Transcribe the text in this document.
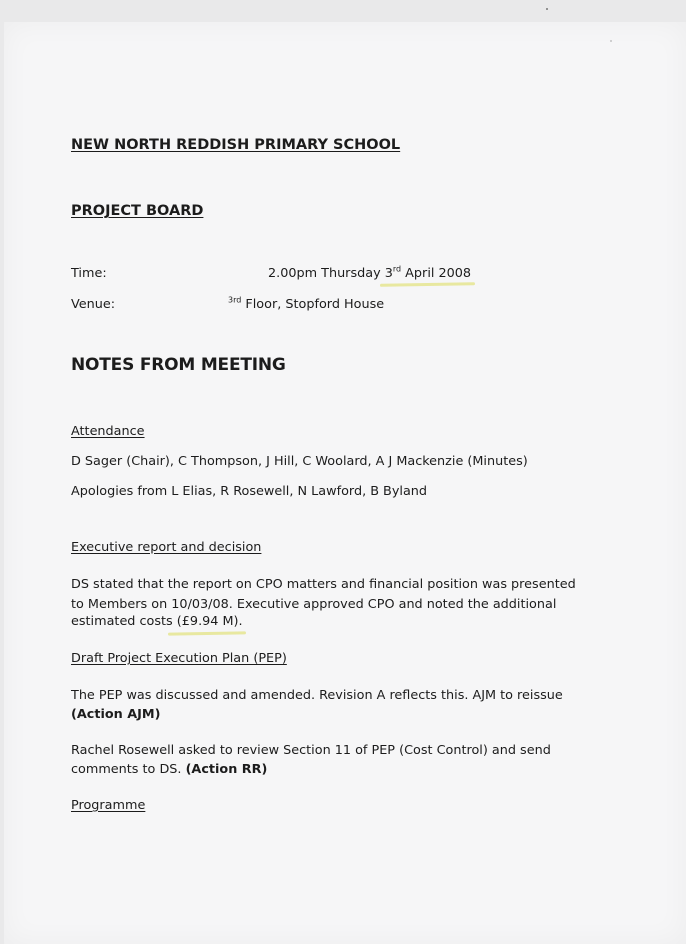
NEW NORTH REDDISH PRIMARY SCHOOL
PROJECT BOARD
Time:	2.00pm Thursday 3rd April 2008
Venue:	$^{3rd}$ Floor, Stopford House
NOTES FROM MEETING
Attendance
D Sager (Chair), C Thompson, J Hill, C Woolard, A J Mackenzie (Minutes)
Apologies from L Elias, R Rosewell, N Lawford, B Byland
Executive report and decision
DS stated that the report on CPO matters and financial position was presented
to Members on 10/03/08. Executive approved CPO and noted the additional
estimated costs (£9.94 M).
Draft Project Execution Plan (PEP)
The PEP was discussed and amended. Revision A reflects this. AJM to reissue
(Action AJM)
Rachel Rosewell asked to review Section 11 of PEP (Cost Control) and send
comments to DS. (Action RR)
Programme
